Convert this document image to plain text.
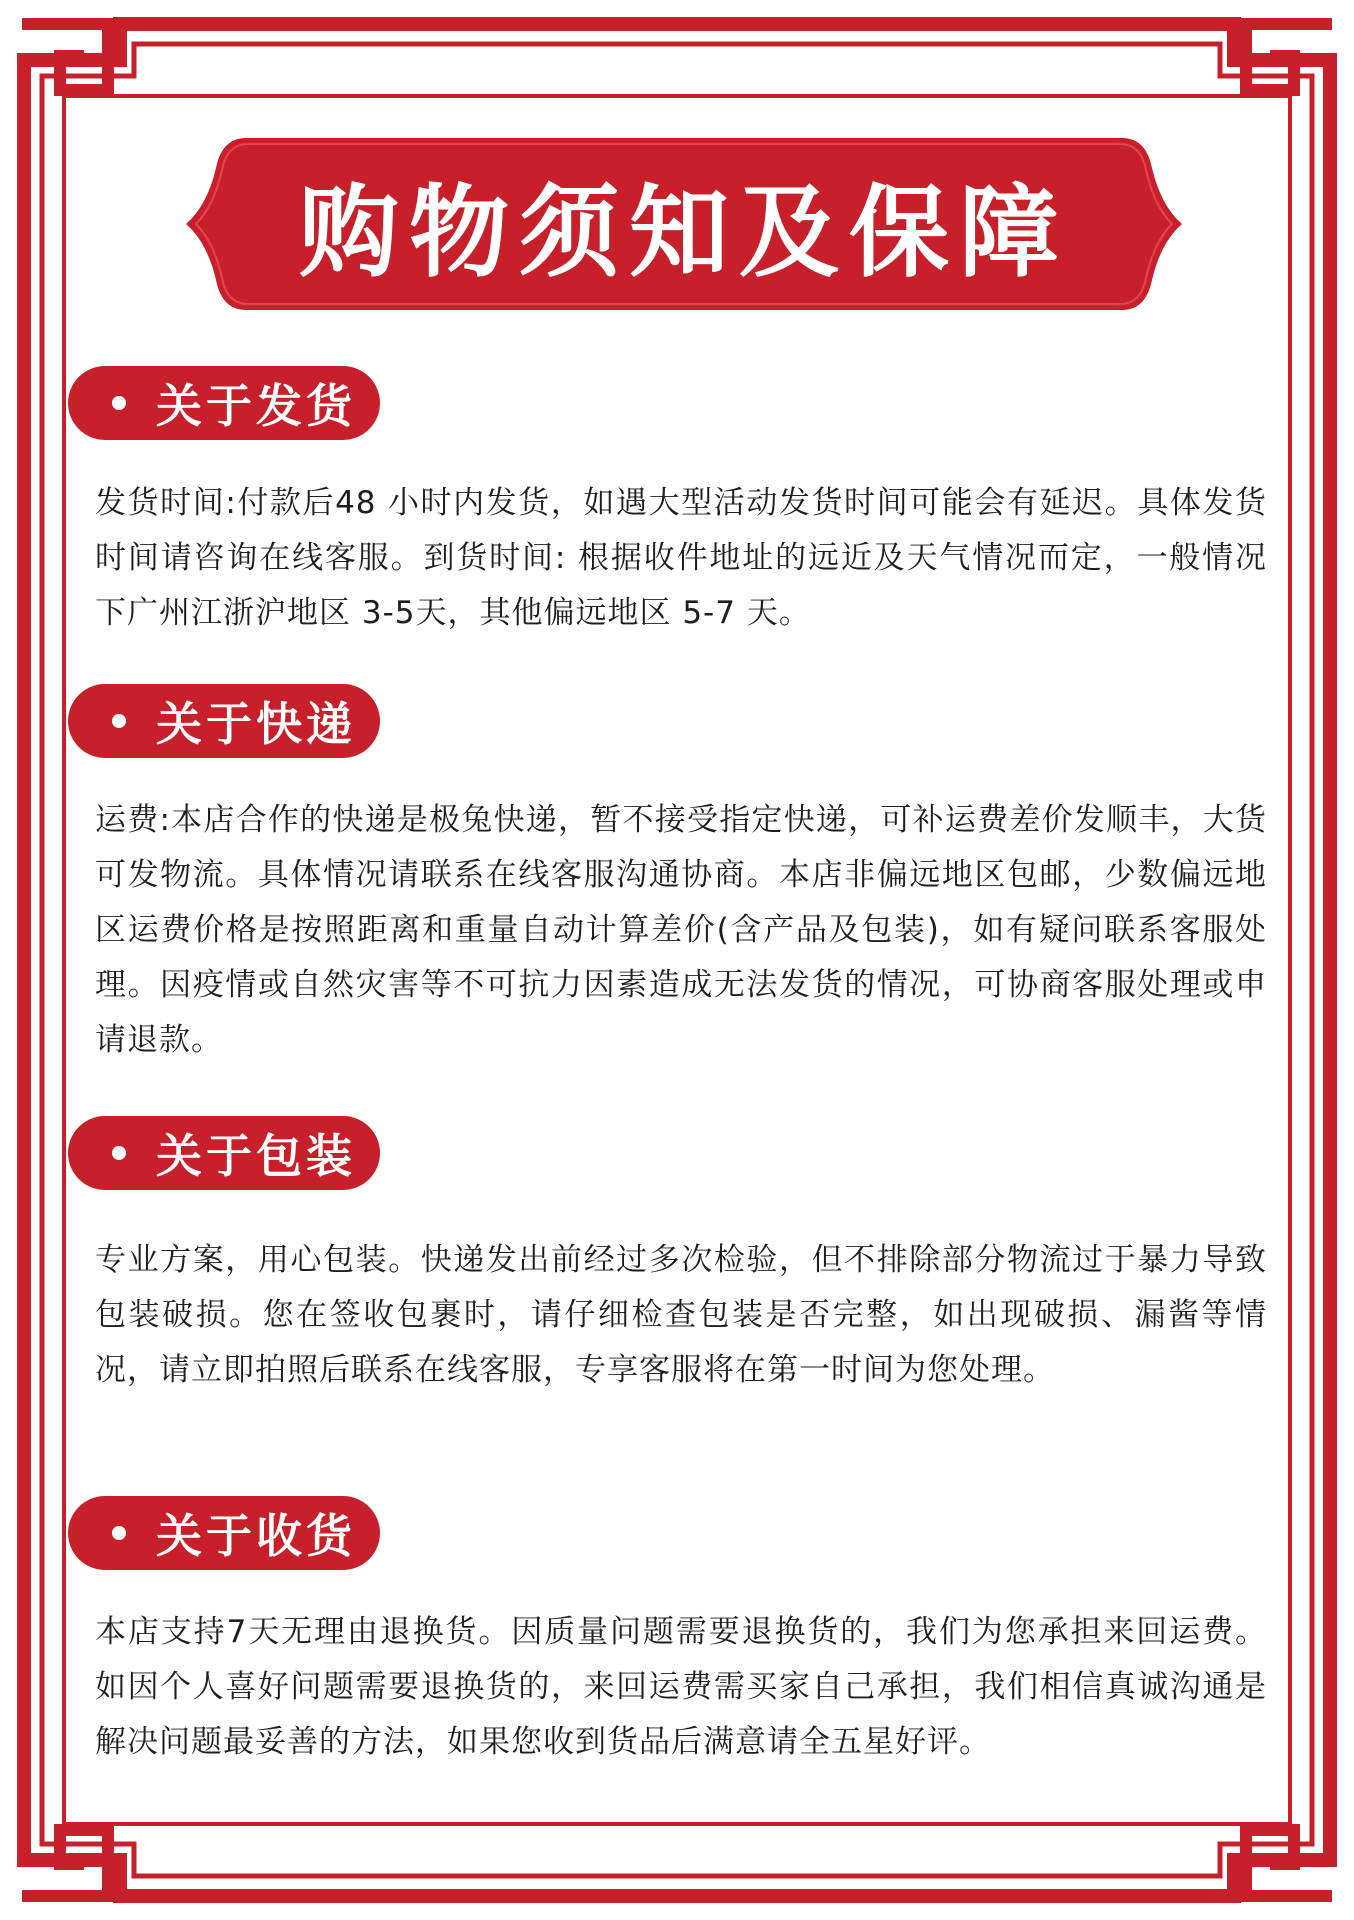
购物须知及保障
关于发货
发货时间:付款后48 小时内发货，如遇大型活动发货时间可能会有延迟。具体发货时间请咨询在线客服。到货时间: 根据收件地址的远近及天气情况而定，一般情况下广州江浙沪地区 3-5天，其他偏远地区 5-7 天。
关于快递
运费:本店合作的快递是极兔快递，暂不接受指定快递，可补运费差价发顺丰，大货可发物流。具体情况请联系在线客服沟通协商。本店非偏远地区包邮，少数偏远地区运费价格是按照距离和重量自动计算差价(含产品及包装)，如有疑问联系客服处理。因疫情或自然灾害等不可抗力因素造成无法发货的情况，可协商客服处理或申请退款。
关于包装
专业方案，用心包装。快递发出前经过多次检验，但不排除部分物流过于暴力导致包装破损。您在签收包裹时，请仔细检查包装是否完整，如出现破损、漏酱等情况，请立即拍照后联系在线客服，专享客服将在第一时间为您处理。
关于收货
本店支持7天无理由退换货。因质量问题需要退换货的，我们为您承担来回运费。如因个人喜好问题需要退换货的，来回运费需买家自己承担，我们相信真诚沟通是解决问题最妥善的方法，如果您收到货品后满意请全五星好评。
